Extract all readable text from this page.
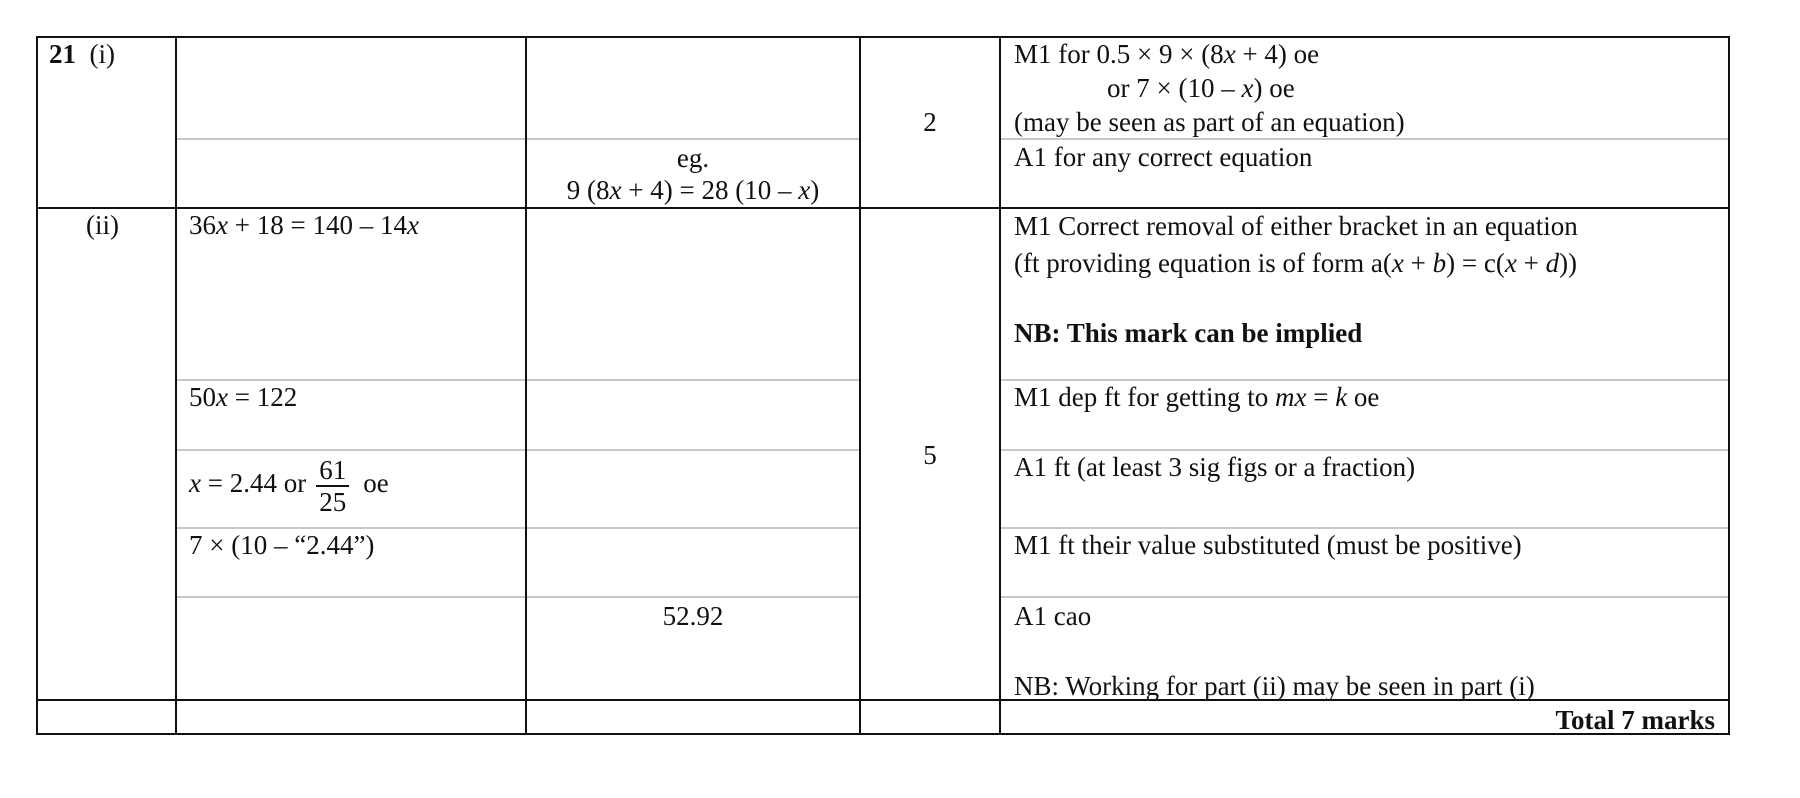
21 (i)
(ii)
eg.
9 (8x + 4) = 28 (10 – x)
2
M1 for 0.5 × 9 × (8x + 4) oe
or 7 × (10 – x) oe
(may be seen as part of an equation)
A1 for any correct equation
36x + 18 = 140 – 14x
50x = 122
x = 2.44 or $\frac{61}{25}$ oe
7 × (10 – “2.44”)
52.92
5
M1 Correct removal of either bracket in an equation
(ft providing equation is of form a(x + b) = c(x + d))
NB: This mark can be implied
M1 dep ft for getting to mx = k oe
A1 ft (at least 3 sig figs or a fraction)
M1 ft their value substituted (must be positive)
A1 cao
NB: Working for part (ii) may be seen in part (i)
Total 7 marks
